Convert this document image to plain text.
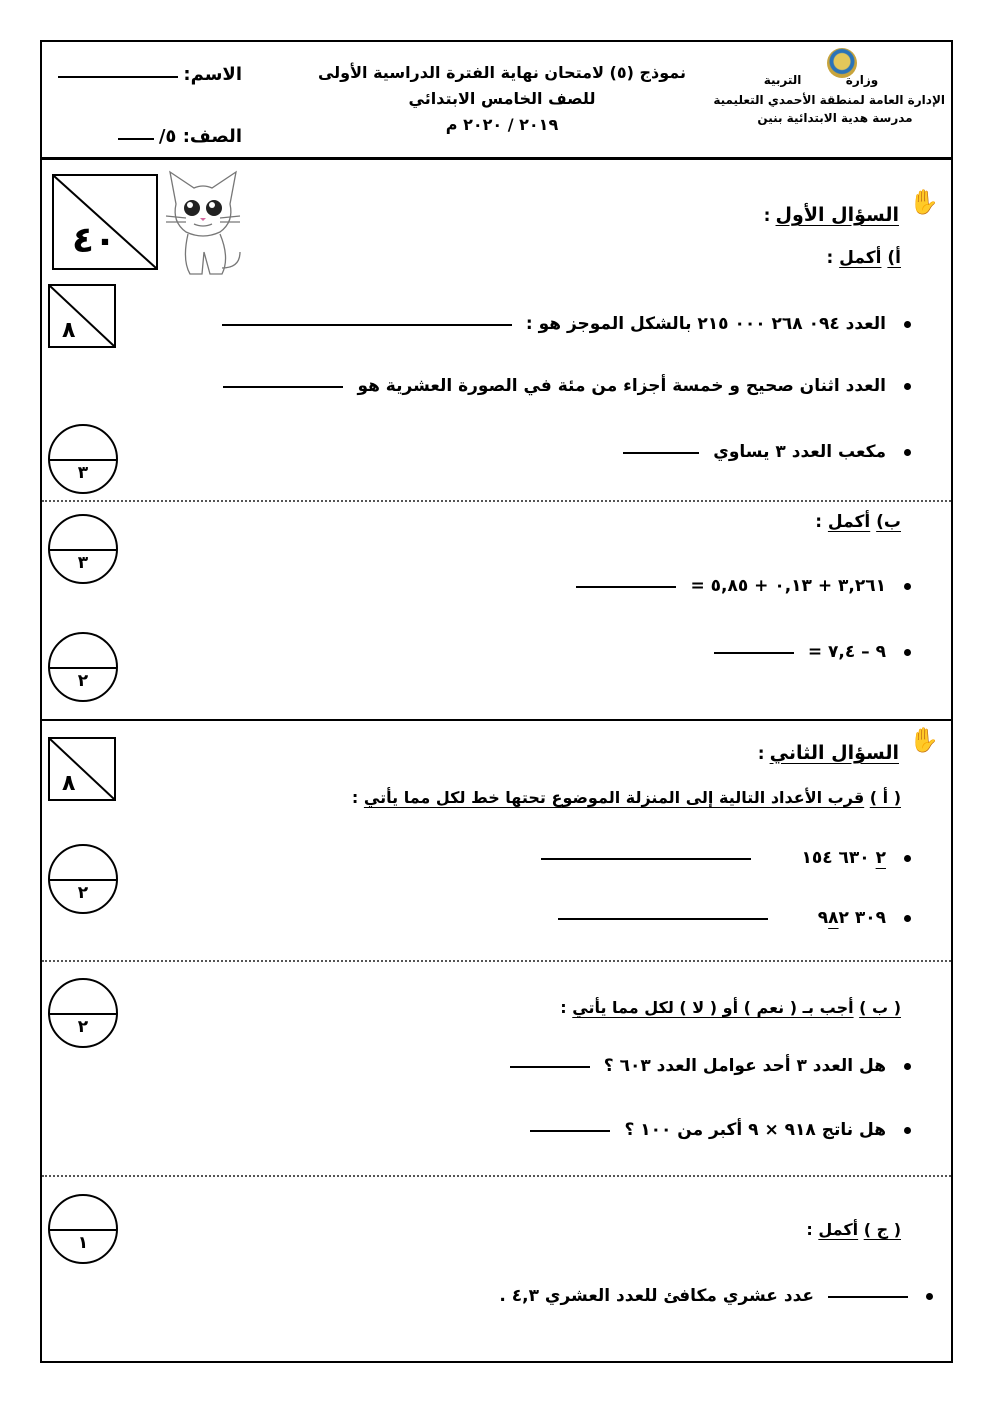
وزارة  التربية
الإدارة العامة لمنطقة الأحمدي التعليمية
مدرسة هدية الابتدائية بنين
نموذج (٥) لامتحان نهاية الفترة الدراسية الأولى
للصف الخامس الابتدائي
٢٠١٩ / ٢٠٢٠ م
الاسم:
الصف: ٥/
٤٠
✋
السؤال الأول :
أ) أكمل :
٨	العدد ٠٩٤ ٢٦٨ ٠٠٠ ٢١٥ بالشكل الموجز هو :
العدد اثنان صحيح و خمسة أجزاء من مئة في الصورة العشرية هو
مكعب العدد ٣ يساوي
٣
ب) أكمل :
٣
٣,٢٦١ + ٠,١٣ + ٥,٨٥ =
٢
٩ – ٧,٤ =
٨
✋
السؤال الثاني :
( أ ) قرب الأعداد التالية إلى المنزلة الموضوع تحتها خط لكل مما يأتي :
٢
٢ ٦٣٠ ١٥٤
٣٠٩ ٩٨٢
٢
( ب ) أجب بـ ( نعم ) أو ( لا ) لكل مما يأتي :
هل العدد ٣ أحد عوامل العدد ٦٠٣ ؟
هل ناتج ٩١٨ × ٩ أكبر من ١٠٠ ؟
١
( ج ) أكمل :
عدد عشري مكافئ للعدد العشري ٤,٣ .
